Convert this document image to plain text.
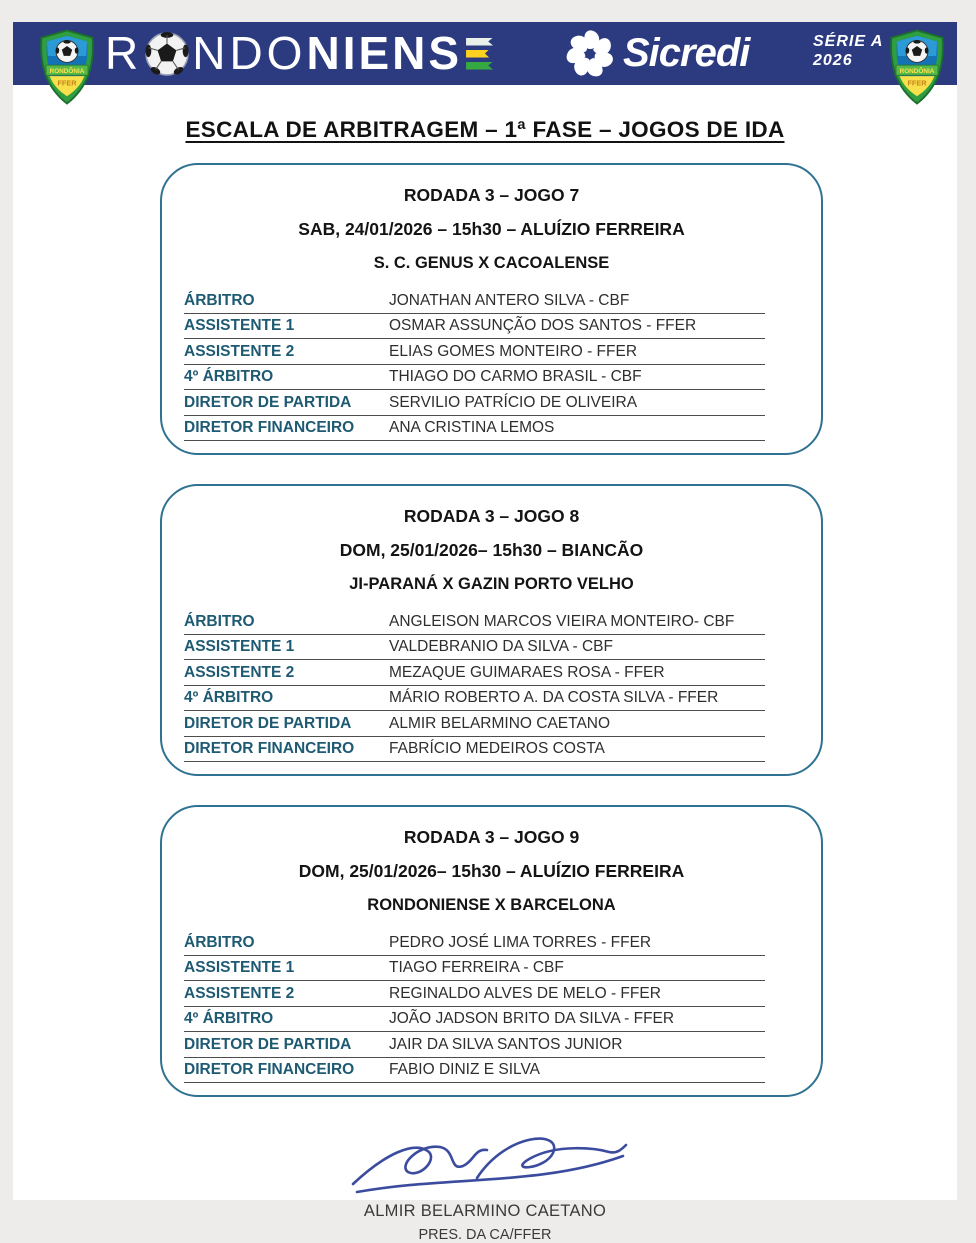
RONDÔNIA
FFER
R NDO NIENS	Sicredi	SÉRIE A
2026
RONDÔNIA
FFER
ESCALA DE ARBITRAGEM – 1ª FASE – JOGOS DE IDA
RODADA 3 – JOGO 7
SAB, 24/01/2026 – 15h30 – ALUÍZIO FERREIRA
S. C. GENUS X CACOALENSE
ÁRBITRO	JONATHAN ANTERO SILVA - CBF
ASSISTENTE 1	OSMAR ASSUNÇÃO DOS SANTOS - FFER
ASSISTENTE 2	ELIAS GOMES MONTEIRO - FFER
4º ÁRBITRO	THIAGO DO CARMO BRASIL - CBF
DIRETOR DE PARTIDA	SERVILIO PATRÍCIO DE OLIVEIRA
DIRETOR FINANCEIRO	ANA CRISTINA LEMOS
RODADA 3 – JOGO 8
DOM, 25/01/2026– 15h30 – BIANCÃO
JI-PARANÁ X GAZIN PORTO VELHO
ÁRBITRO	ANGLEISON MARCOS VIEIRA MONTEIRO- CBF
ASSISTENTE 1	VALDEBRANIO DA SILVA - CBF
ASSISTENTE 2	MEZAQUE GUIMARAES ROSA - FFER
4º ÁRBITRO	MÁRIO ROBERTO A. DA COSTA SILVA - FFER
DIRETOR DE PARTIDA	ALMIR BELARMINO CAETANO
DIRETOR FINANCEIRO	FABRÍCIO MEDEIROS COSTA
RODADA 3 – JOGO 9
DOM, 25/01/2026– 15h30 – ALUÍZIO FERREIRA
RONDONIENSE X BARCELONA
ÁRBITRO	PEDRO JOSÉ LIMA TORRES - FFER
ASSISTENTE 1	TIAGO FERREIRA - CBF
ASSISTENTE 2	REGINALDO ALVES DE MELO - FFER
4º ÁRBITRO	JOÃO JADSON BRITO DA SILVA - FFER
DIRETOR DE PARTIDA	JAIR DA SILVA SANTOS JUNIOR
DIRETOR FINANCEIRO	FABIO DINIZ E SILVA
ALMIR BELARMINO CAETANO
PRES. DA CA/FFER
